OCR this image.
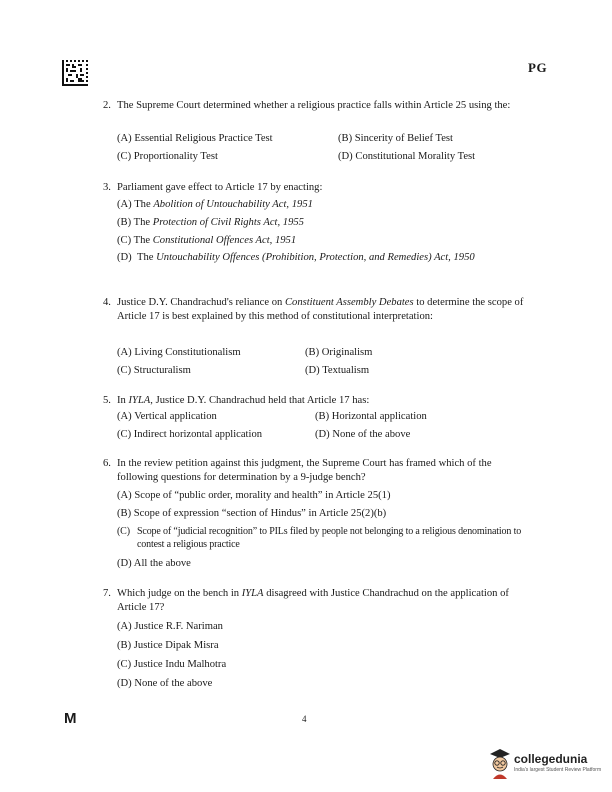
PG
2. The Supreme Court determined whether a religious practice falls within Article 25 using the:
(A) Essential Religious Practice Test	(B) Sincerity of Belief Test
(C) Proportionality Test	(D) Constitutional Morality Test
3. Parliament gave effect to Article 17 by enacting:
(A) The Abolition of Untouchability Act, 1951
(B) The Protection of Civil Rights Act, 1955
(C) The Constitutional Offences Act, 1951
(D) The Untouchability Offences (Prohibition, Protection, and Remedies) Act, 1950
4. Justice D.Y. Chandrachud's reliance on Constituent Assembly Debates to determine the scope of Article 17 is best explained by this method of constitutional interpretation:
(A) Living Constitutionalism	(B) Originalism
(C) Structuralism	(D) Textualism
5. In IYLA, Justice D.Y. Chandrachud held that Article 17 has:
(A) Vertical application	(B) Horizontal application
(C) Indirect horizontal application	(D) None of the above
6. In the review petition against this judgment, the Supreme Court has framed which of the following questions for determination by a 9-judge bench?
(A) Scope of “public order, morality and health” in Article 25(1)
(B) Scope of expression “section of Hindus” in Article 25(2)(b)
(C) Scope of “judicial recognition” to PILs filed by people not belonging to a religious denomination to contest a religious practice
(D) All the above
7. Which judge on the bench in IYLA disagreed with Justice Chandrachud on the application of Article 17?
(A) Justice R.F. Nariman
(B) Justice Dipak Misra
(C) Justice Indu Malhotra
(D) None of the above
M	4
collegedunia
India's largest Student Review Platform
